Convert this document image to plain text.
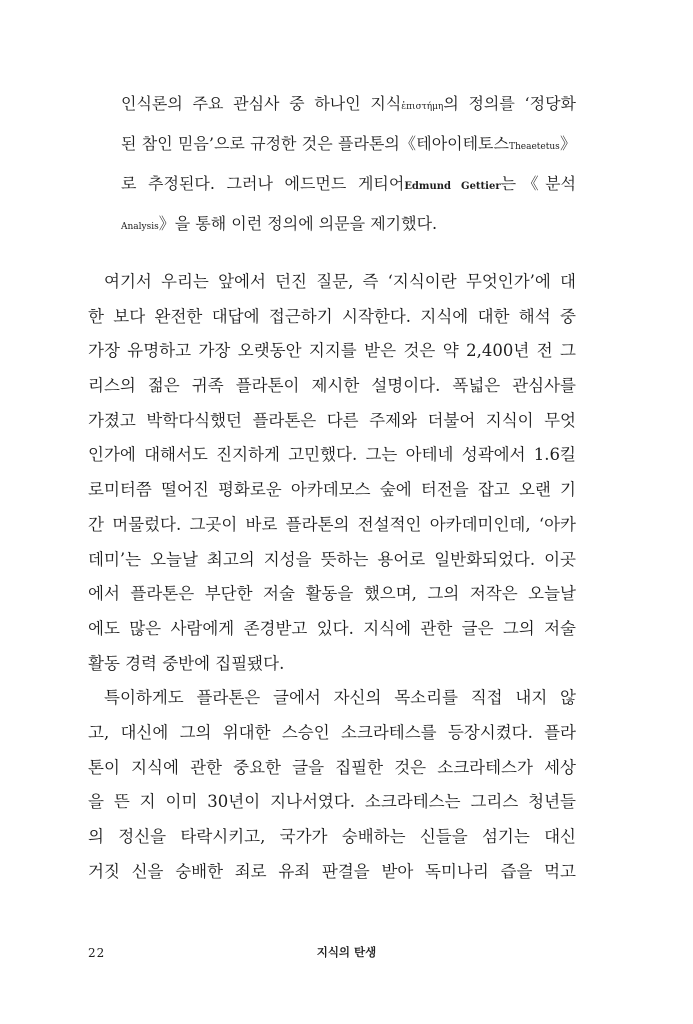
인식론의 주요 관심사 중 하나인 지식ἐπιστήμη의 정의를 ‘정당화
된 참인 믿음’으로 규정한 것은 플라톤의《테아이테토스Theaetetus》
로 추정된다. 그러나 에드먼드 게티어Edmund Gettier는《분석
Analysis》을 통해 이런 정의에 의문을 제기했다.
여기서 우리는 앞에서 던진 질문, 즉 ‘지식이란 무엇인가’에 대
한 보다 완전한 대답에 접근하기 시작한다. 지식에 대한 해석 중
가장 유명하고 가장 오랫동안 지지를 받은 것은 약 2,400년 전 그
리스의 젊은 귀족 플라톤이 제시한 설명이다. 폭넓은 관심사를
가졌고 박학다식했던 플라톤은 다른 주제와 더불어 지식이 무엇
인가에 대해서도 진지하게 고민했다. 그는 아테네 성곽에서 1.6킬
로미터쯤 떨어진 평화로운 아카데모스 숲에 터전을 잡고 오랜 기
간 머물렀다. 그곳이 바로 플라톤의 전설적인 아카데미인데, ‘아카
데미’는 오늘날 최고의 지성을 뜻하는 용어로 일반화되었다. 이곳
에서 플라톤은 부단한 저술 활동을 했으며, 그의 저작은 오늘날
에도 많은 사람에게 존경받고 있다. 지식에 관한 글은 그의 저술
활동 경력 중반에 집필됐다.
특이하게도 플라톤은 글에서 자신의 목소리를 직접 내지 않
고, 대신에 그의 위대한 스승인 소크라테스를 등장시켰다. 플라
톤이 지식에 관한 중요한 글을 집필한 것은 소크라테스가 세상
을 뜬 지 이미 30년이 지나서였다. 소크라테스는 그리스 청년들
의 정신을 타락시키고, 국가가 숭배하는 신들을 섬기는 대신
거짓 신을 숭배한 죄로 유죄 판결을 받아 독미나리 즙을 먹고
22	지식의 탄생
